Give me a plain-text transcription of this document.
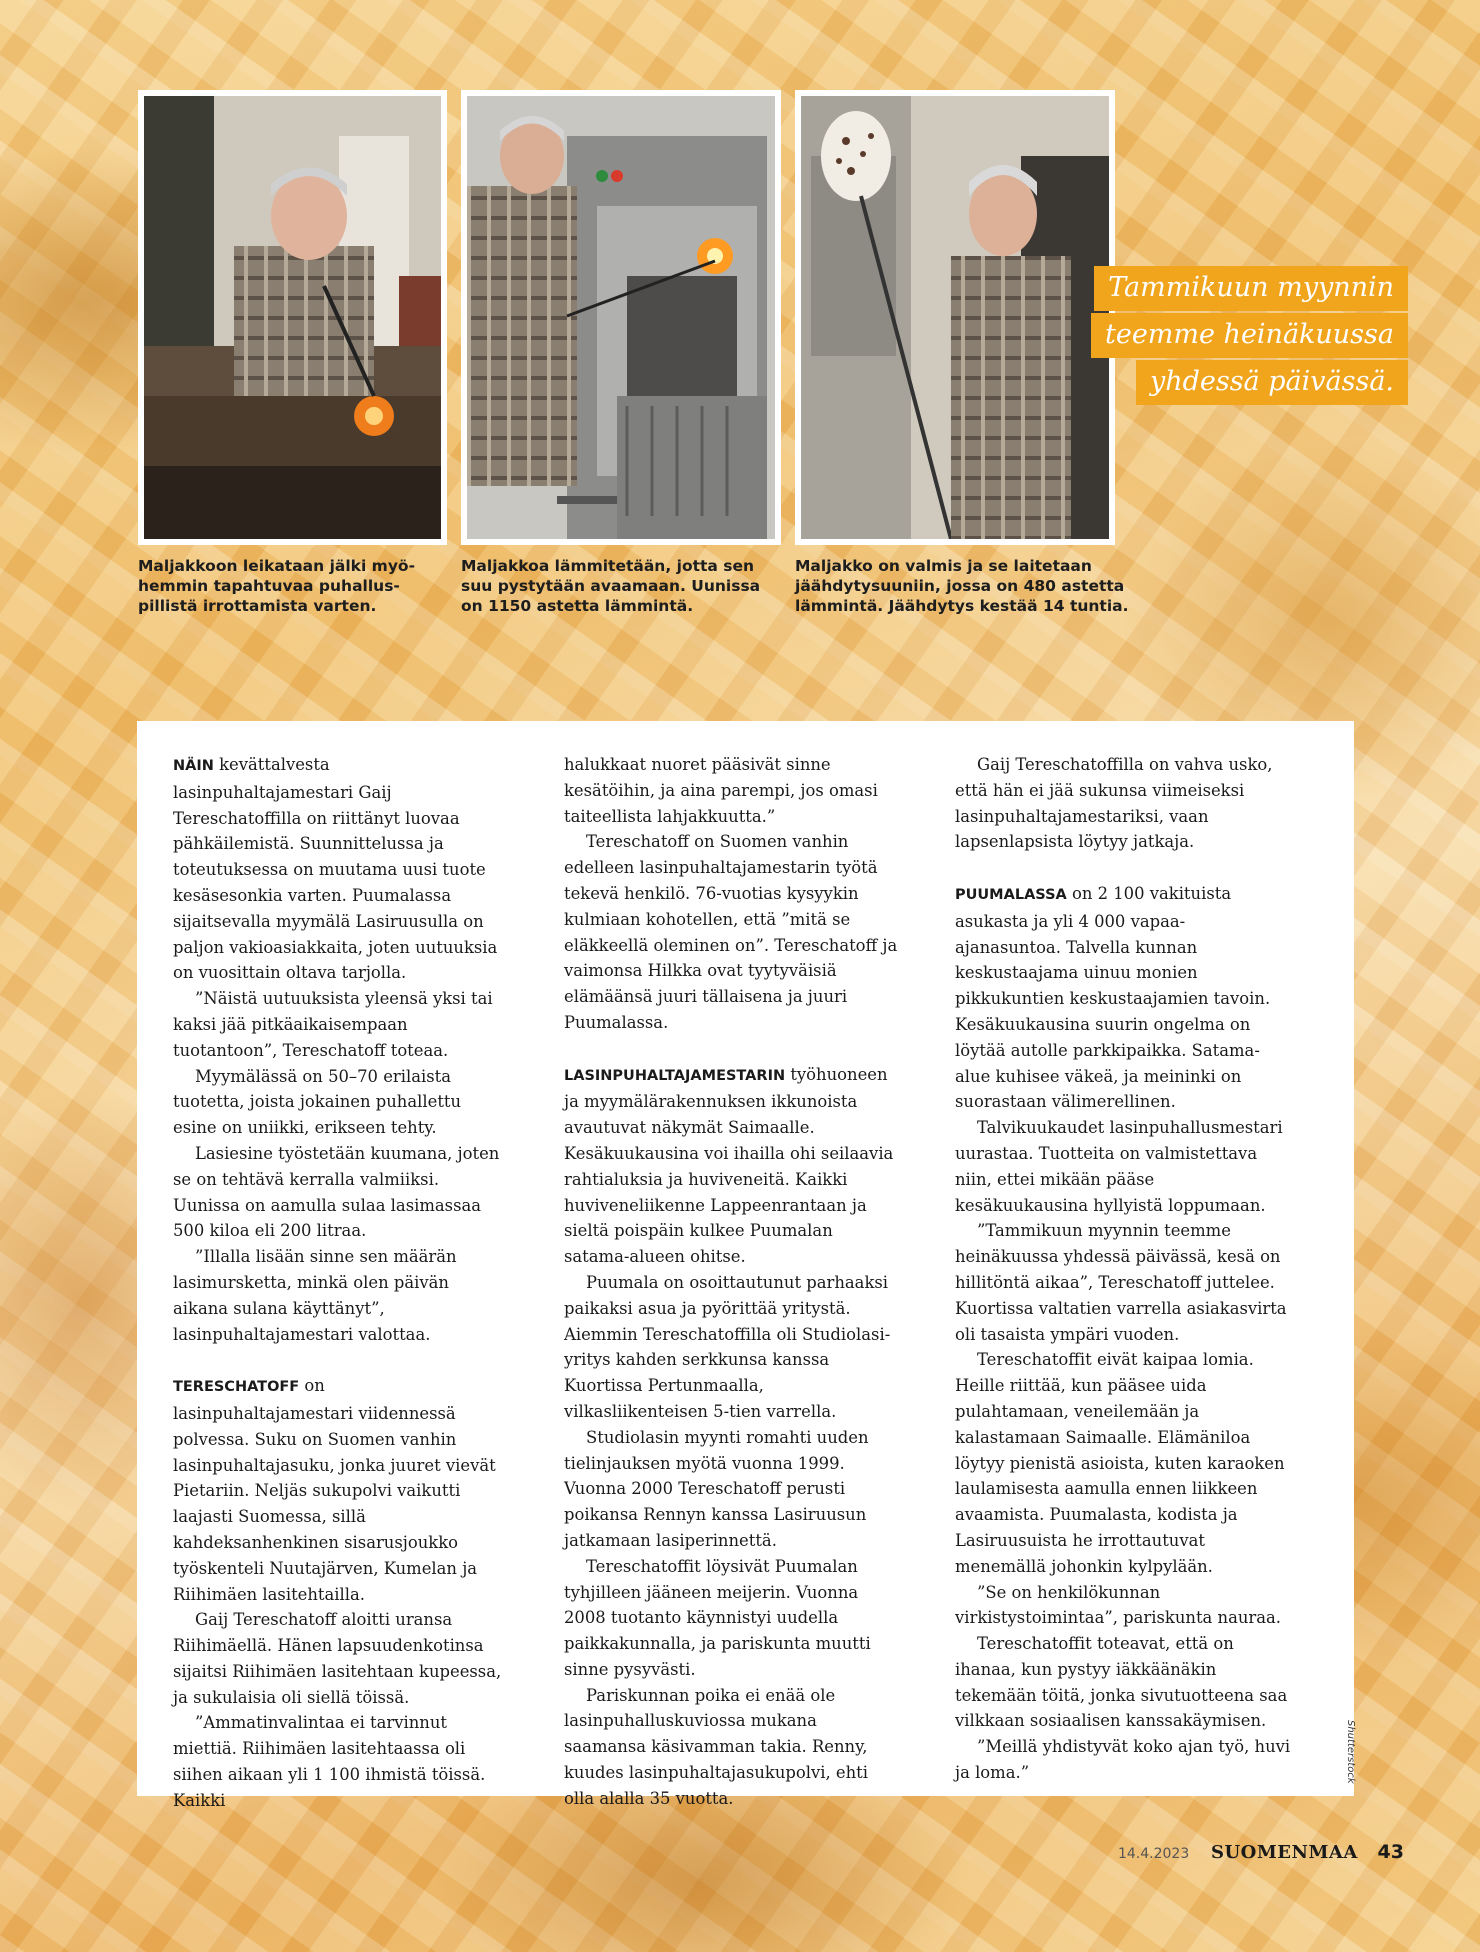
Maljakkoon leikataan jälki myö-
hemmin tapahtuvaa puhallus-
pillistä irrottamista varten.
Maljakkoa lämmitetään, jotta sen
suu pystytään avaamaan. Uunissa
on 1150 astetta lämmintä.
Maljakko on valmis ja se laitetaan
jäähdytysuuniin, jossa on 480 astetta
lämmintä. Jäähdytys kestää 14 tuntia.
Tammikuun myynnin
teemme heinäkuussa
yhdessä päivässä.

NÄIN kevättalvesta lasinpuhaltajamestari Gaij Tereschatoffilla on riittänyt luovaa pähkäilemistä. Suunnittelussa ja toteutuksessa on muutama uusi tuote kesäsesonkia varten. Puumalassa sijaitsevalla myymälä Lasiruusulla on paljon vakioasiakkaita, joten uutuuksia on vuosittain oltava tarjolla.

”Näistä uutuuksista yleensä yksi tai kaksi jää pitkäaikaisempaan tuotantoon”, Tereschatoff toteaa.

Myymälässä on 50–70 erilaista tuotetta, joista jokainen puhallettu esine on uniikki, erikseen tehty.

Lasiesine työstetään kuumana, joten se on tehtävä kerralla valmiiksi. Uunissa on aamulla sulaa lasimassaa 500 kiloa eli 200 litraa.

”Illalla lisään sinne sen määrän lasimursketta, minkä olen päivän aikana sulana käyttänyt”, lasinpuhaltajamestari valottaa.

TERESCHATOFF on lasinpuhaltajamestari viidennessä polvessa. Suku on Suomen vanhin lasinpuhaltajasuku, jonka juuret vievät Pietariin. Neljäs sukupolvi vaikutti laajasti Suomessa, sillä kahdeksanhenkinen sisarusjoukko työskenteli Nuutajärven, Kumelan ja Riihimäen lasitehtailla.

Gaij Tereschatoff aloitti uransa Riihimäellä. Hänen lapsuudenkotinsa sijaitsi Riihimäen lasitehtaan kupeessa, ja sukulaisia oli siellä töissä.

”Ammatinvalintaa ei tarvinnut miettiä. Riihimäen lasitehtaassa oli siihen aikaan yli 1 100 ihmistä töissä. Kaikki

halukkaat nuoret pääsivät sinne kesätöihin, ja aina parempi, jos omasi taiteellista lahjakkuutta.”

Tereschatoff on Suomen vanhin edelleen lasinpuhaltajamestarin työtä tekevä henkilö. 76-vuotias kysyykin kulmiaan kohotellen, että ”mitä se eläkkeellä oleminen on”. Tereschatoff ja vaimonsa Hilkka ovat tyytyväisiä elämäänsä juuri tällaisena ja juuri Puumalassa.

LASINPUHALTAJAMESTARIN työhuoneen ja myymälärakennuksen ikkunoista avautuvat näkymät Saimaalle. Kesäkuukausina voi ihailla ohi seilaavia rahtialuksia ja huviveneitä. Kaikki huviveneliikenne Lappeenrantaan ja sieltä poispäin kulkee Puumalan satama-alueen ohitse.

Puumala on osoittautunut parhaaksi paikaksi asua ja pyörittää yritystä. Aiemmin Tereschatoffilla oli Studiolasi-yritys kahden serkkunsa kanssa Kuortissa Pertunmaalla, vilkasliikenteisen 5-tien varrella.

Studiolasin myynti romahti uuden tielinjauksen myötä vuonna 1999. Vuonna 2000 Tereschatoff perusti poikansa Rennyn kanssa Lasiruusun jatkamaan lasiperinnettä.

Tereschatoffit löysivät Puumalan tyhjilleen jääneen meijerin. Vuonna 2008 tuotanto käynnistyi uudella paikkakunnalla, ja pariskunta muutti sinne pysyvästi.

Pariskunnan poika ei enää ole lasinpuhalluskuviossa mukana saamansa käsivamman takia. Renny, kuudes lasinpuhaltajasukupolvi, ehti olla alalla 35 vuotta.

Gaij Tereschatoffilla on vahva usko, että hän ei jää sukunsa viimeiseksi lasinpuhaltajamestariksi, vaan lapsenlapsista löytyy jatkaja.

PUUMALASSA on 2 100 vakituista asukasta ja yli 4 000 vapaa-ajanasuntoa. Talvella kunnan keskustaajama uinuu monien pikkukuntien keskustaajamien tavoin. Kesäkuukausina suurin ongelma on löytää autolle parkkipaikka. Satama-alue kuhisee väkeä, ja meininki on suorastaan välimerellinen.

Talvikuukaudet lasinpuhallusmestari uurastaa. Tuotteita on valmistettava niin, ettei mikään pääse kesäkuukausina hyllyistä loppumaan.

”Tammikuun myynnin teemme heinäkuussa yhdessä päivässä, kesä on hillitöntä aikaa”, Tereschatoff juttelee. Kuortissa valtatien varrella asiakasvirta oli tasaista ympäri vuoden.

Tereschatoffit eivät kaipaa lomia. Heille riittää, kun pääsee uida pulahtamaan, veneilemään ja kalastamaan Saimaalle. Elämäniloa löytyy pienistä asioista, kuten karaoken laulamisesta aamulla ennen liikkeen avaamista. Puumalasta, kodista ja Lasiruusuista he irrottautuvat menemällä johonkin kylpylään.

”Se on henkilökunnan virkistystoimintaa”, pariskunta nauraa.

Tereschatoffit toteavat, että on ihanaa, kun pystyy iäkkäänäkin tekemään töitä, jonka sivutuotteena saa vilkkaan sosiaalisen kanssakäymisen.

”Meillä yhdistyvät koko ajan työ, huvi ja loma.”	Shutterstock
14.4.2023 SUOMENMAA 43
